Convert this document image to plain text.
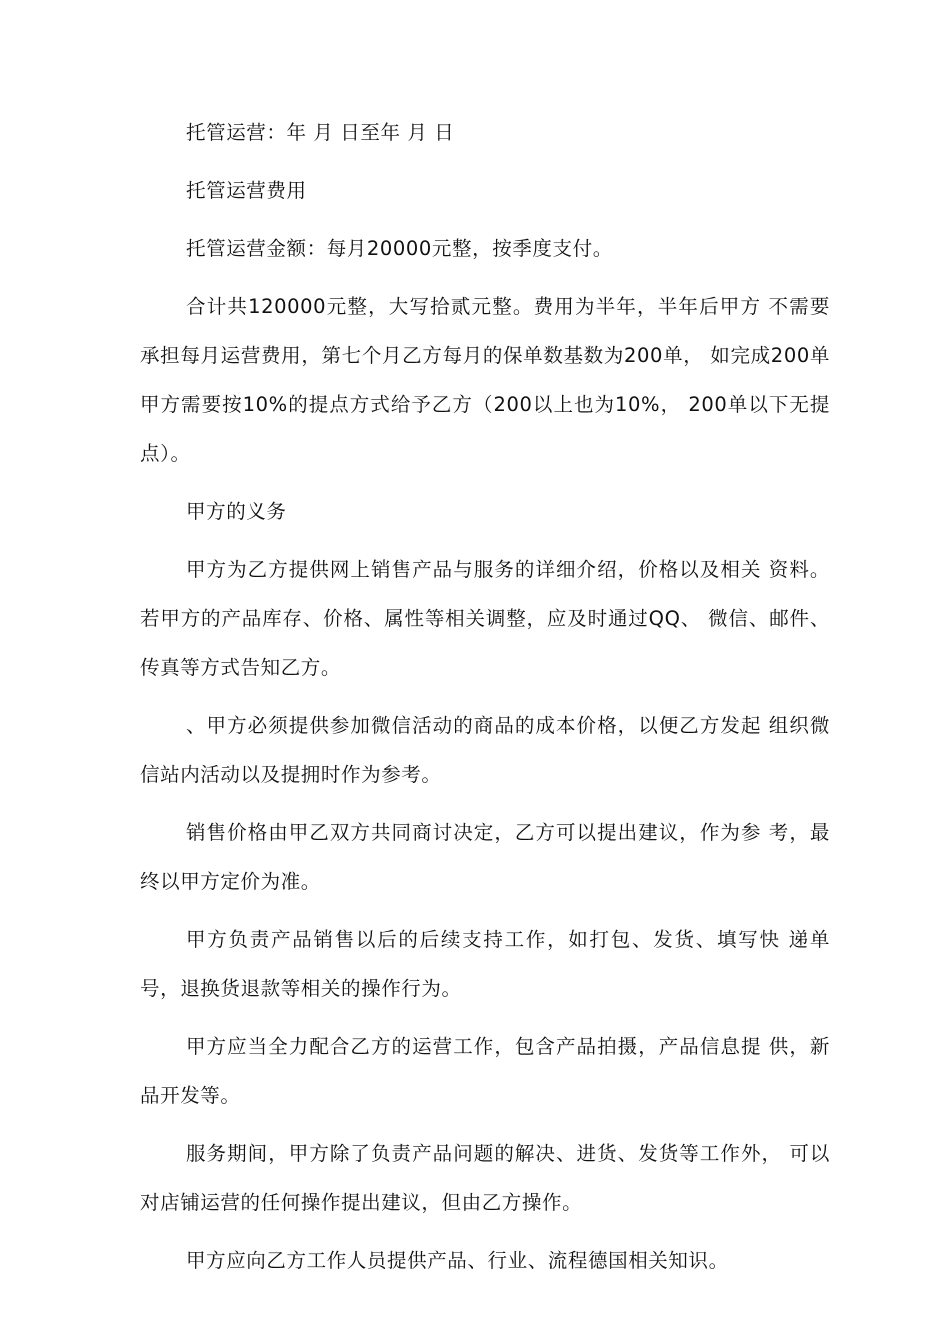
托管运营：年 月 日至年 月 日

托管运营费用

托管运营金额：每月20000元整，按季度支付。

合计共120000元整，大写拾贰元整。费用为半年，半年后甲方 不需要承担每月运营费用，第七个月乙方每月的保单数基数为200单， 如完成200单甲方需要按10%的提点方式给予乙方（200以上也为10%， 200单以下无提点）。

甲方的义务

甲方为乙方提供网上销售产品与服务的详细介绍，价格以及相关 资料。若甲方的产品库存、价格、属性等相关调整，应及时通过QQ、 微信、邮件、传真等方式告知乙方。

、甲方必须提供参加微信活动的商品的成本价格，以便乙方发起 组织微信站内活动以及提拥时作为参考。

销售价格由甲乙双方共同商讨决定，乙方可以提出建议，作为参 考，最终以甲方定价为准。

甲方负责产品销售以后的后续支持工作，如打包、发货、填写快 递单号，退换货退款等相关的操作行为。

甲方应当全力配合乙方的运营工作，包含产品拍摄，产品信息提 供，新品开发等。

服务期间，甲方除了负责产品问题的解决、进货、发货等工作外， 可以对店铺运营的任何操作提出建议，但由乙方操作。

甲方应向乙方工作人员提供产品、行业、流程德国相关知识。
